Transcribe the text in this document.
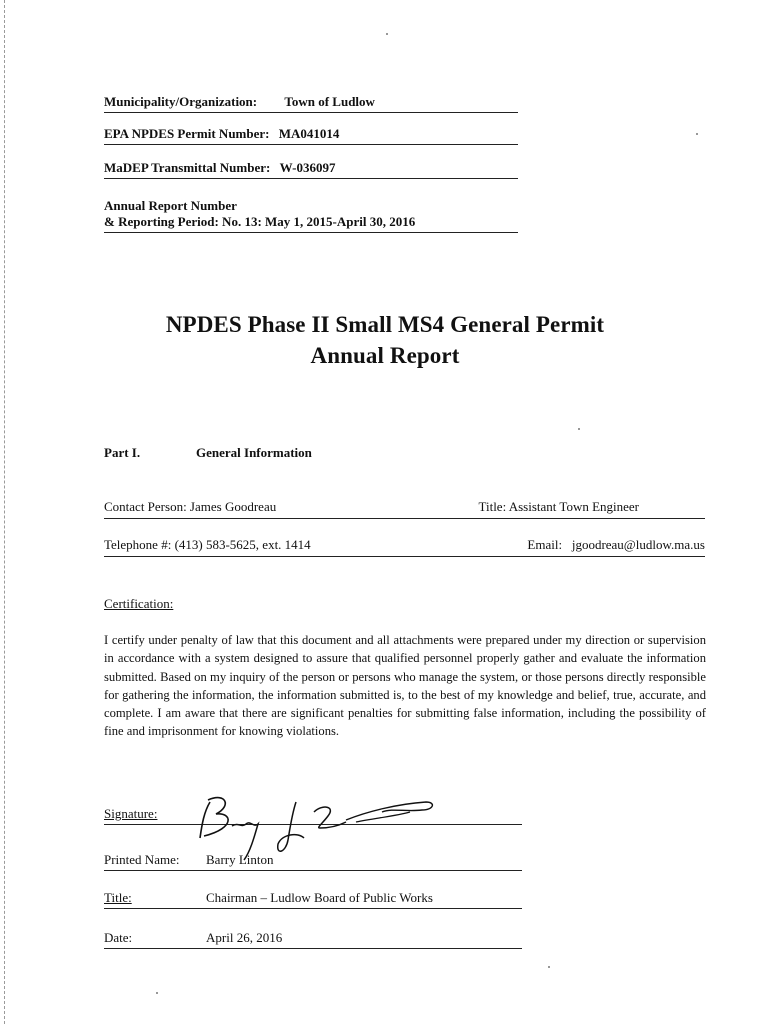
Municipality/Organization: Town of Ludlow
EPA NPDES Permit Number: MA041014
MaDEP Transmittal Number: W-036097
Annual Report Number
& Reporting Period: No. 13: May 1, 2015-April 30, 2016
NPDES Phase II Small MS4 General Permit
Annual Report
Part I.	General Information
Contact Person: James Goodreau	Title: Assistant Town Engineer
Telephone #: (413) 583-5625, ext. 1414	Email: jgoodreau@ludlow.ma.us
Certification:
I certify under penalty of law that this document and all attachments were prepared under my direction or supervision in accordance with a system designed to assure that qualified personnel properly gather and evaluate the information submitted. Based on my inquiry of the person or persons who manage the system, or those persons directly responsible for gathering the information, the information submitted is, to the best of my knowledge and belief, true, accurate, and complete. I am aware that there are significant penalties for submitting false information, including the possibility of fine and imprisonment for knowing violations.
Signature:
Printed Name: Barry Linton
Title:	Chairman – Ludlow Board of Public Works
Date:	April 26, 2016
